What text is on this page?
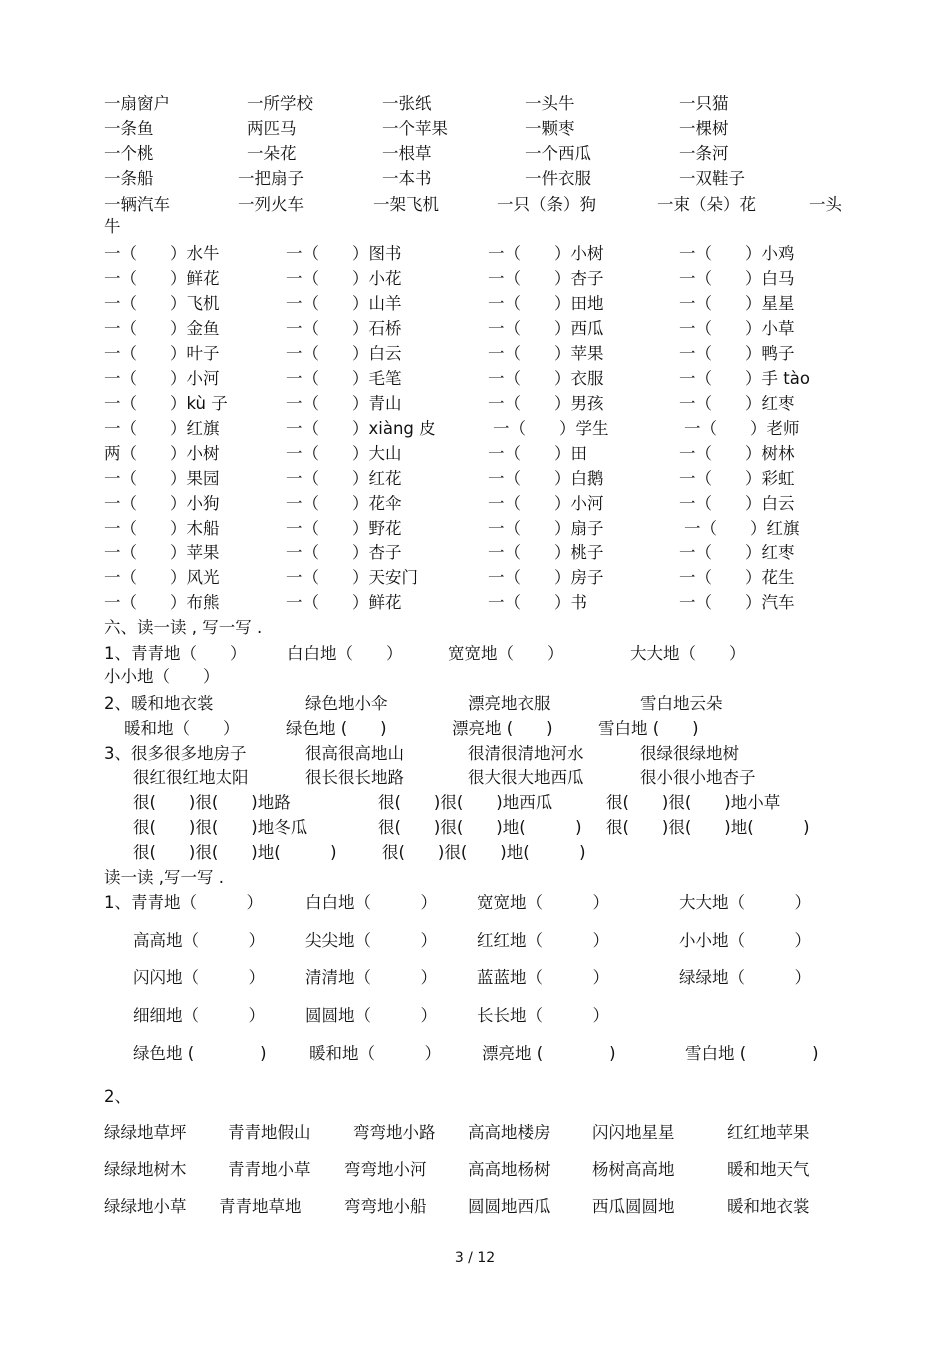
3 / 12
一扇窗户	一所学校	一张纸	一头牛	一只猫
一条鱼	两匹马	一个苹果	一颗枣	一棵树
一个桃	一朵花	一根草	一个西瓜	一条河
一条船	一把扇子	一本书	一件衣服	一双鞋子
一辆汽车	一列火车	一架飞机	一只（条）狗	一束（朵）花	一头
牛
一（　　）水牛	一（　　）图书	一（　　）小树	一（　　）小鸡
一（　　）鲜花	一（　　）小花	一（　　）杏子	一（　　）白马
一（　　）飞机	一（　　）山羊	一（　　）田地	一（　　）星星
一（　　）金鱼	一（　　）石桥	一（　　）西瓜	一（　　）小草
一（　　）叶子	一（　　）白云	一（　　）苹果	一（　　）鸭子
一（　　）小河	一（　　）毛笔	一（　　）衣服	一（　　）手 tào
一（　　）kù 子	一（　　）青山	一（　　）男孩	一（　　）红枣
一（　　）红旗	一（　　）xiàng 皮	一（　　）学生	一（　　）老师
两（　　）小树	一（　　）大山	一（　　）田	一（　　）树林
一（　　）果园	一（　　）红花	一（　　）白鹅	一（　　）彩虹
一（　　）小狗	一（　　）花伞	一（　　）小河	一（　　）白云
一（　　）木船	一（　　）野花	一（　　）扇子	一（　　）红旗
一（　　）苹果	一（　　）杏子	一（　　）桃子	一（　　）红枣
一（　　）风光	一（　　）天安门	一（　　）房子	一（　　）花生
一（　　）布熊	一（　　）鲜花	一（　　）书	一（　　）汽车
六、读一读 , 写一写 .
1、青青地（　　） 白白地（　　）	宽宽地（　　）	大大地（　　）
小小地（　　）
2、暖和地衣裳	绿色地小伞	漂亮地衣服	雪白地云朵
暖和地（　　）	绿色地 (　　)	漂亮地 (　　)	雪白地 (　　)
3、很多很多地房子	很高很高地山	很清很清地河水	很绿很绿地树
很红很红地太阳	很长很长地路	很大很大地西瓜	很小很小地杏子
很(　　)很(　　)地路	很(　　)很(　　)地西瓜	很(　　)很(　　)地小草
很(　　)很(　　)地冬瓜	很(　　)很(　　)地(　　　) 很(　　)很(　　)地(　　　)
很(　　)很(　　)地(　　　)	很(　　)很(　　)地(　　　)
读一读 ,写一写 .
1、青青地（　　　）	白白地（　　　） 宽宽地（　　　）	大大地（　　　）
高高地（　　　） 尖尖地（　　　） 红红地（　　　）	小小地（　　　）
闪闪地（　　　） 清清地（　　　） 蓝蓝地（　　　）	绿绿地（　　　）
细细地（　　　） 圆圆地（　　　） 长长地（　　　）
绿色地 (　　　　)	暖和地（　　　） 漂亮地 (　　　　)	雪白地 (　　　　)
2、
绿绿地草坪	青青地假山	弯弯地小路 高高地楼房	闪闪地星星	红红地苹果
绿绿地树木	青青地小草 弯弯地小河	高高地杨树	杨树高高地	暖和地天气
绿绿地小草 青青地草地	弯弯地小船	圆圆地西瓜	西瓜圆圆地	暖和地衣裳
